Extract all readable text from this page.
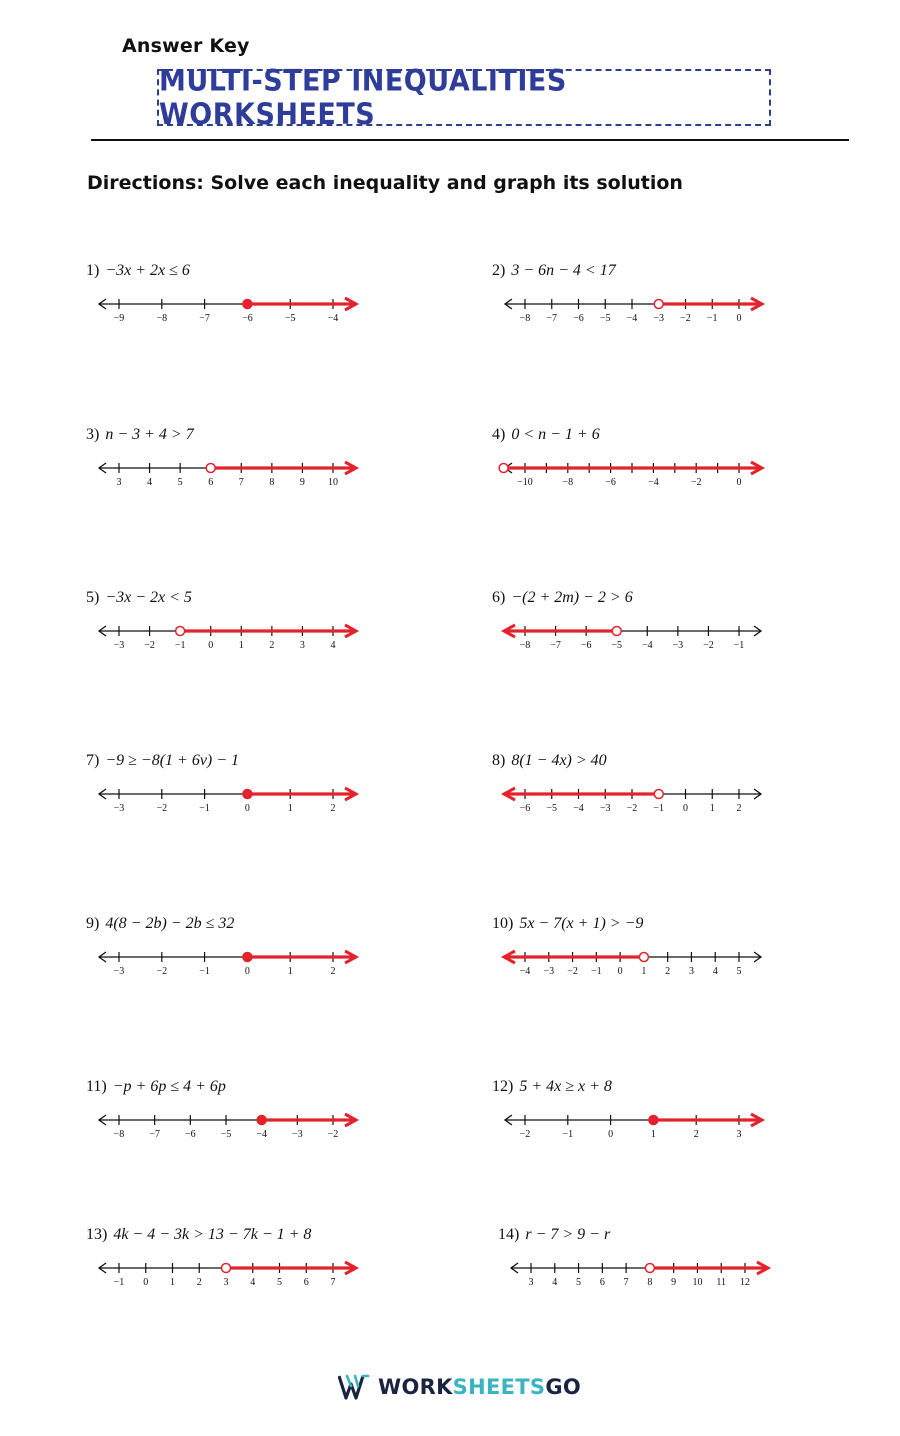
Answer Key
MULTI-STEP INEQUALITIES WORKSHEETS
Directions: Solve each inequality and graph its solution
1) −3x + 2x ≤ 6
−9	−8	−7	−6	−5	−4
2) 3 − 6n − 4 < 17
−8 −7 −6 −5 −4 −3 −2 −1 0
3) n − 3 + 4 > 7
3	4	5	6	7	8	9 10
4) 0 < n − 1 + 6
−10	−8	−6	−4	−2	0
5) −3x − 2x < 5
−3 −2 −1 0	1	2	3	4
6) −(2 + 2m) − 2 > 6
−8 −7 −6 −5 −4 −3 −2 −1
7) −9 ≥ −8(1 + 6v) − 1
−3	−2	−1	0	1	2
8) 8(1 − 4x) > 40
−6 −5 −4 −3 −2 −1 0 1 2
9) 4(8 − 2b) − 2b ≤ 32
−3	−2	−1	0	1	2
10) 5x − 7(x + 1) > −9
−4 −3 −2 −1 0 1 2 3 4 5
11) −p + 6p ≤ 4 + 6p
−8	−7	−6	−5	−4	−3	−2
12) 5 + 4x ≥ x + 8
−2	−1	0	1	2	3
13) 4k − 4 − 3k > 13 − 7k − 1 + 8
−1 0 1 2 3 4 5 6 7
14) r − 7 > 9 − r
3 4 5 6 7 8 9 10 11 12
WORKSHEETSGO
